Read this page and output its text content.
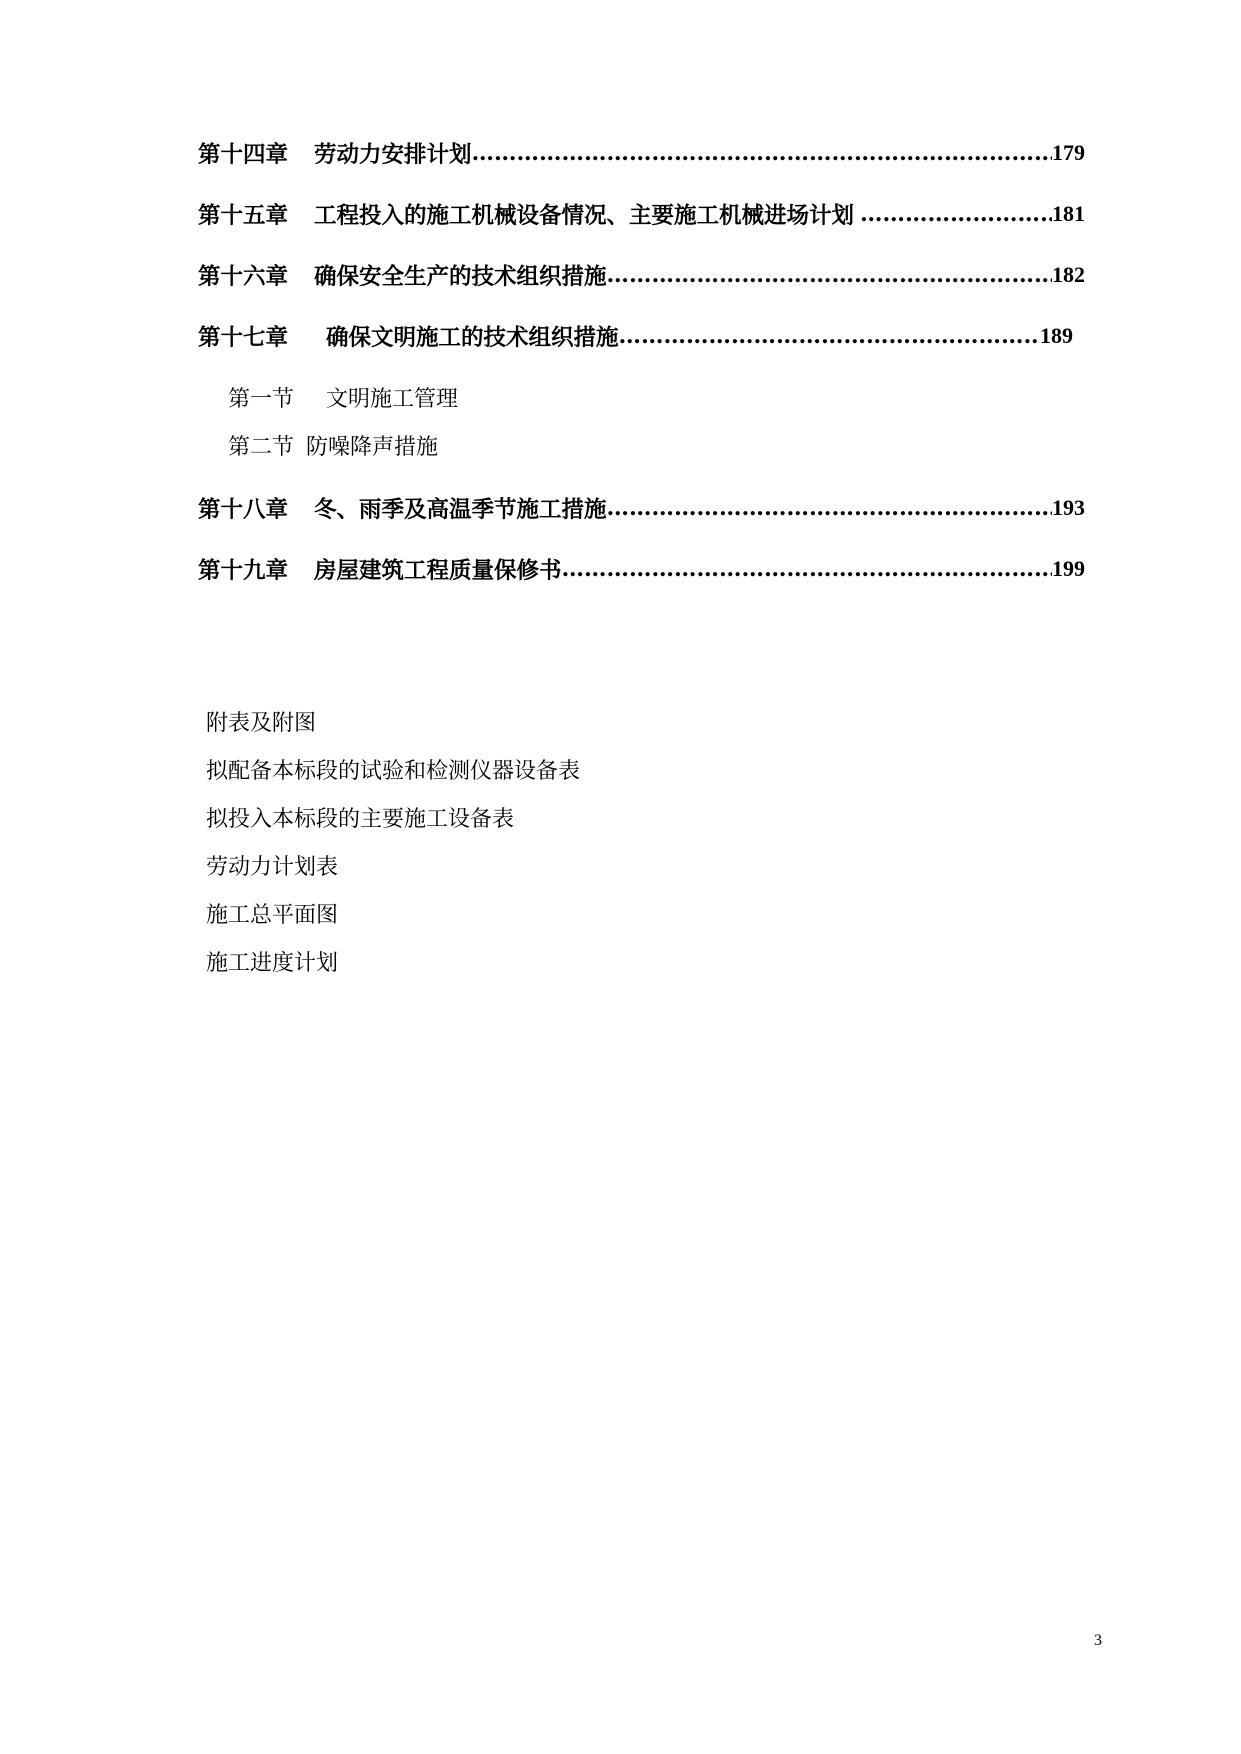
第十四章 劳动力安排计划 …………………………………………………………………………………………………………………………………………	179
第十五章 工程投入的施工机械设备情况、主要施工机械进场计划 …………………………………………………………………………………………………………………………………………	181
第十六章 确保安全生产的技术组织措施 …………………………………………………………………………………………………………………………………………	182
第十七章 确保文明施工的技术组织措施 …………………………………………………………………………………………………………………………………………	189
第一节 文明施工管理
第二节 防噪降声措施
第十八章 冬、雨季及高温季节施工措施 …………………………………………………………………………………………………………………………………………	193
第十九章 房屋建筑工程质量保修书 …………………………………………………………………………………………………………………………………………	199
附表及附图
拟配备本标段的试验和检测仪器设备表
拟投入本标段的主要施工设备表
劳动力计划表
施工总平面图
施工进度计划
3
